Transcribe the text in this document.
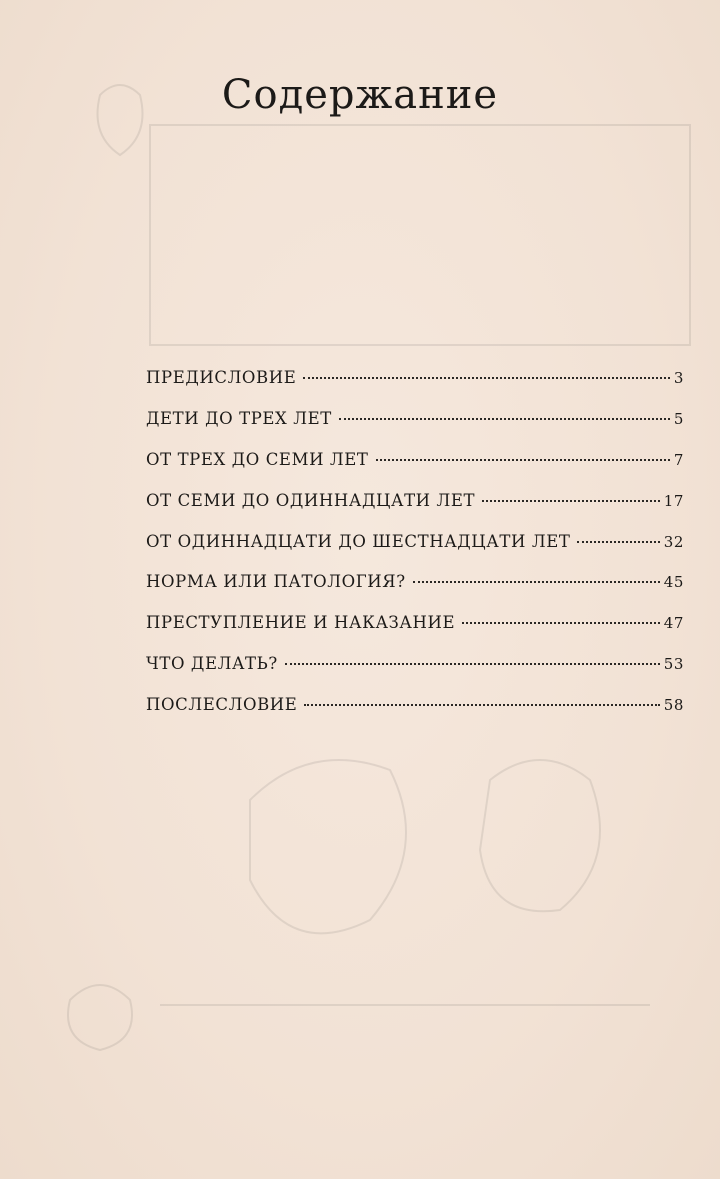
Содержание
ПРЕДИСЛОВИЕ	3
ДЕТИ ДО ТРЕХ ЛЕТ	5
ОТ ТРЕХ ДО СЕМИ ЛЕТ	7
ОТ СЕМИ ДО ОДИННАДЦАТИ ЛЕТ	17
ОТ ОДИННАДЦАТИ ДО ШЕСТНАДЦАТИ ЛЕТ	32
НОРМА ИЛИ ПАТОЛОГИЯ?	45
ПРЕСТУПЛЕНИЕ И НАКАЗАНИЕ	47
ЧТО ДЕЛАТЬ?	53
ПОСЛЕСЛОВИЕ	58
